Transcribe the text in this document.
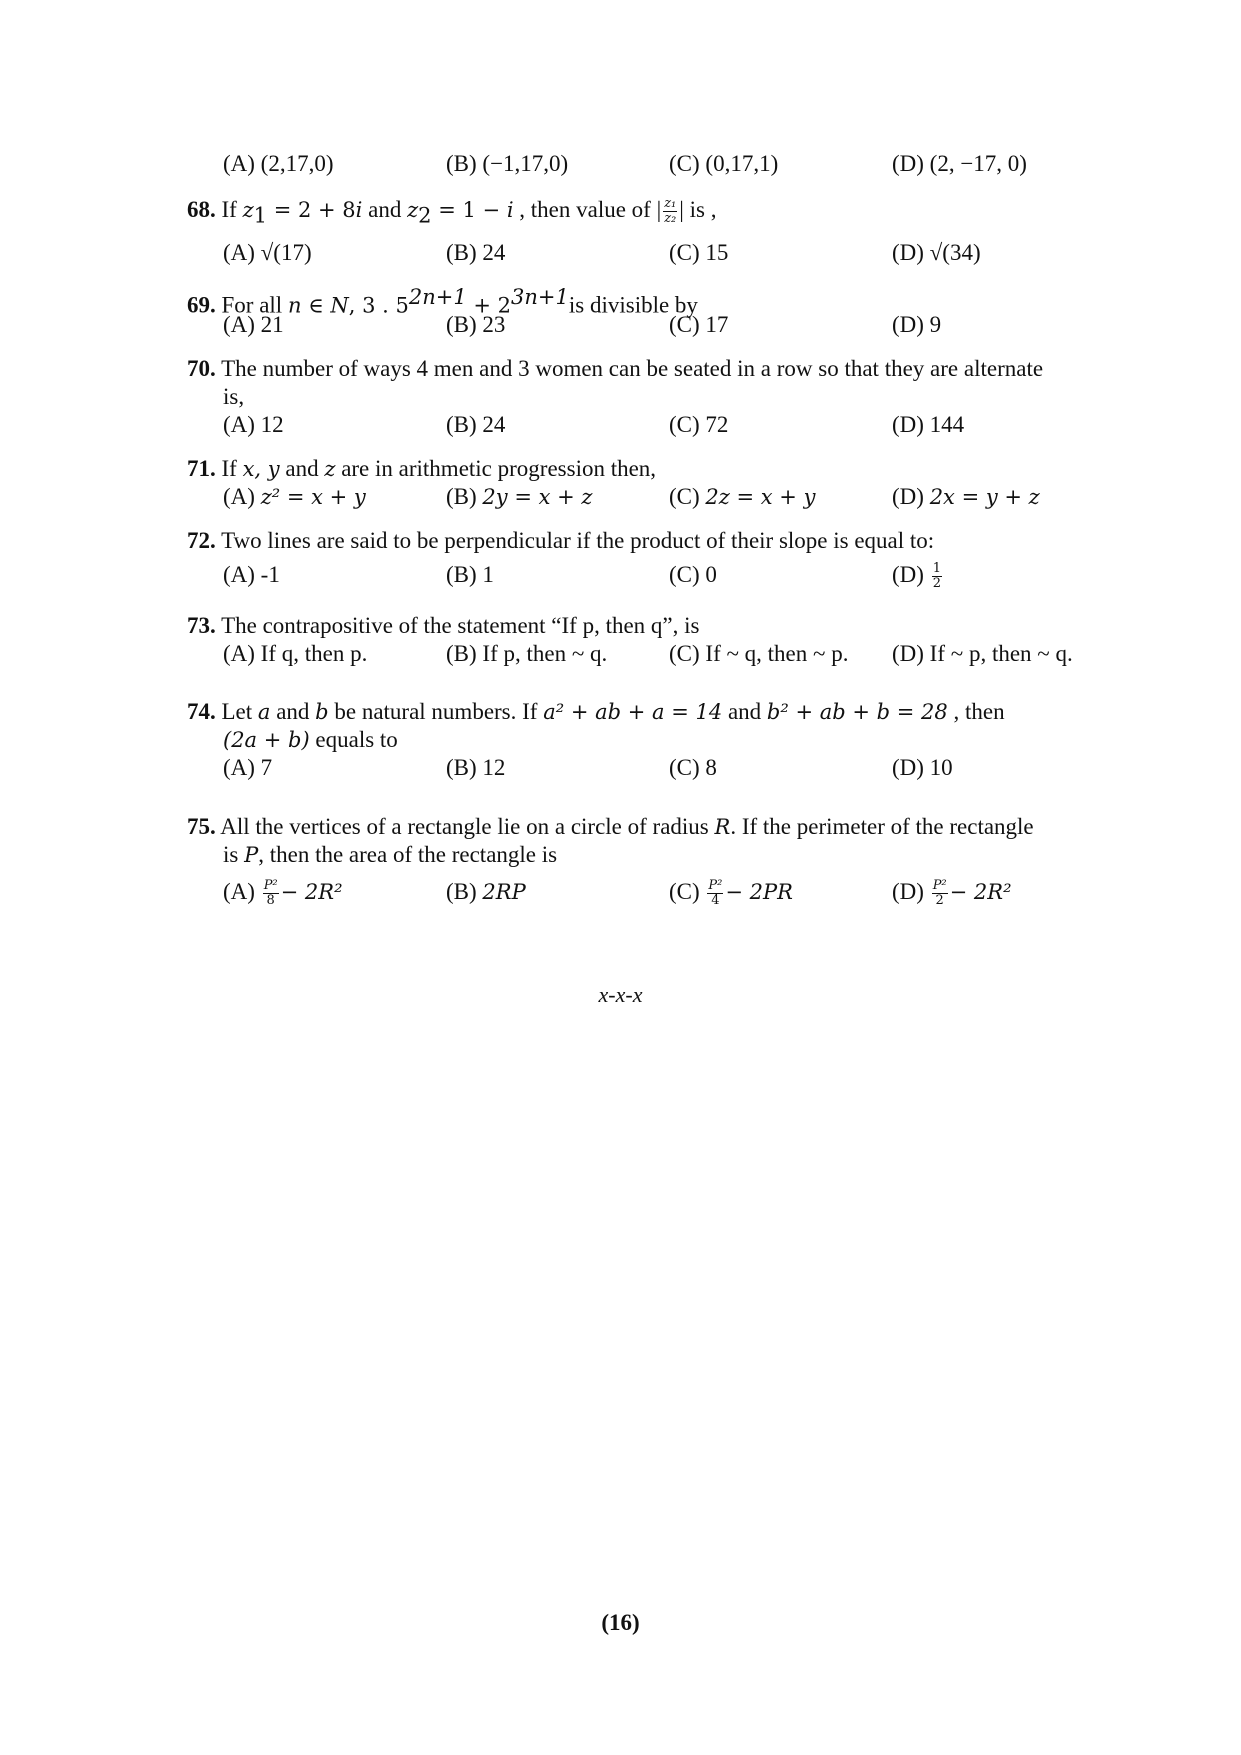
(A) (2,17,0)	(B) (−1,17,0)	(C) (0,17,1)	(D) (2, −17, 0)
68. If $z_1 = 2 + 8i$ and $z_2 = 1 - i$ , then value of | $\frac{\text{z₁}}{\text{z₂}}$ | is ,
(A) √(17)	(B) 24	(C) 15	(D) √(34)
69. For all n ∈ N, 3 . $5^{2n+1} + 2^{3n+1}is$ divisible by
(A) 21	(B) 23	(C) 17	(D) 9
70. The number of ways 4 men and 3 women can be seated in a row so that they are alternate
is,
(A) 12	(B) 24	(C) 72	(D) 144
71. If x, y and z are in arithmetic progression then,
(A) z² = x + y	(B) 2y = x + z	(C) 2z = x + y	(D) 2x = y + z
72. Two lines are said to be perpendicular if the product of their slope is equal to:
(A) -1	(B) 1	(C) 0	$(D) \frac{1}{2}$
73. The contrapositive of the statement “If p, then q”, is
(A) If q, then p.	(B) If p, then ~ q.	(C) If ~ q, then ~ p. (D) If ~ p, then ~ q.
74. Let a and b be natural numbers. If a² + ab + a = 14 and b² + ab + b = 28 , then
(2a + b) equals to
(A) 7	(B) 12	(C) 8	(D) 10
75. All the vertices of a rectangle lie on a circle of radius R. If the perimeter of the rectangle
is P, then the area of the rectangle is
$(A) \frac{\text{P²}}{8} - 2R^2$	(B) 2RP	$(C) \frac{\text{P²}}{4} - 2PR$	$(D) \frac{\text{P²}}{2} - 2R^2$
x-x-x
(16)
